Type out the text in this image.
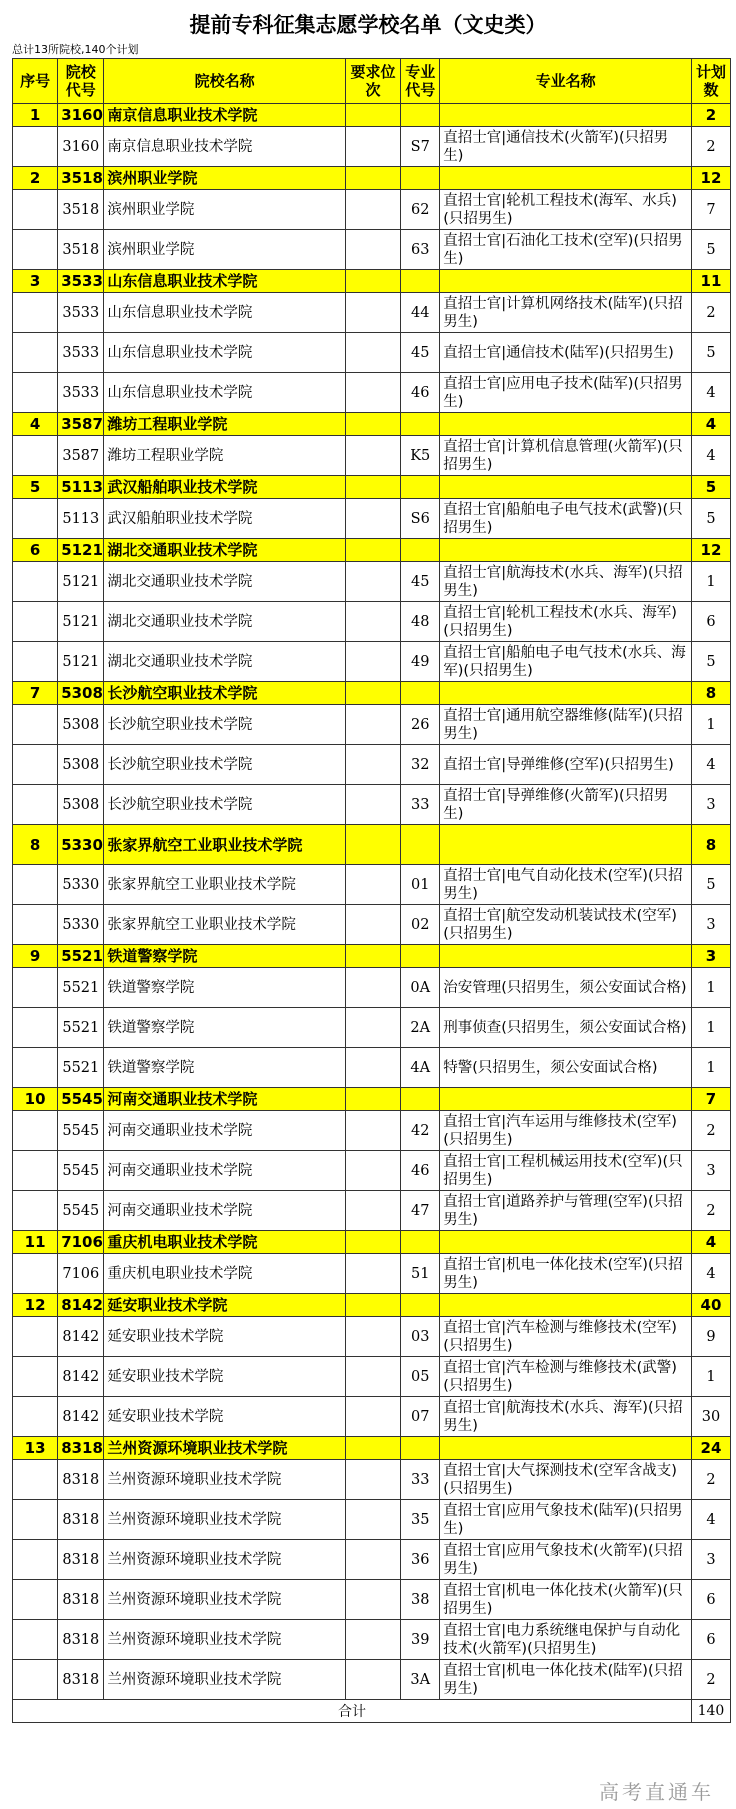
提前专科征集志愿学校名单（文史类）
总计13所院校,140个计划
序号	院校代号	院校名称	要求位次	专业代号	专业名称	计划数
1	3160	南京信息职业技术学院				2
	3160	南京信息职业技术学院		S7	直招士官|通信技术(火箭军)(只招男生)	2
2	3518	滨州职业学院				12
	3518	滨州职业学院		62	直招士官|轮机工程技术(海军、水兵)(只招男生)	7
	3518	滨州职业学院		63	直招士官|石油化工技术(空军)(只招男生)	5
3	3533	山东信息职业技术学院				11
	3533	山东信息职业技术学院		44	直招士官|计算机网络技术(陆军)(只招男生)	2
	3533	山东信息职业技术学院		45	直招士官|通信技术(陆军)(只招男生)	5
	3533	山东信息职业技术学院		46	直招士官|应用电子技术(陆军)(只招男生)	4
4	3587	潍坊工程职业学院				4
	3587	潍坊工程职业学院		K5	直招士官|计算机信息管理(火箭军)(只招男生)	4
5	5113	武汉船舶职业技术学院				5
	5113	武汉船舶职业技术学院		S6	直招士官|船舶电子电气技术(武警)(只招男生)	5
6	5121	湖北交通职业技术学院				12
	5121	湖北交通职业技术学院		45	直招士官|航海技术(水兵、海军)(只招男生)	1
	5121	湖北交通职业技术学院		48	直招士官|轮机工程技术(水兵、海军)(只招男生)	6
	5121	湖北交通职业技术学院		49	直招士官|船舶电子电气技术(水兵、海军)(只招男生)	5
7	5308	长沙航空职业技术学院				8
	5308	长沙航空职业技术学院		26	直招士官|通用航空器维修(陆军)(只招男生)	1
	5308	长沙航空职业技术学院		32	直招士官|导弹维修(空军)(只招男生)	4
	5308	长沙航空职业技术学院		33	直招士官|导弹维修(火箭军)(只招男生)	3
8	5330	张家界航空工业职业技术学院				8
	5330	张家界航空工业职业技术学院		01	直招士官|电气自动化技术(空军)(只招男生)	5
	5330	张家界航空工业职业技术学院		02	直招士官|航空发动机装试技术(空军)(只招男生)	3
9	5521	铁道警察学院				3
	5521	铁道警察学院		0A	治安管理(只招男生，须公安面试合格)	1
	5521	铁道警察学院		2A	刑事侦查(只招男生，须公安面试合格)	1
	5521	铁道警察学院		4A	特警(只招男生，须公安面试合格)	1
10	5545	河南交通职业技术学院				7
	5545	河南交通职业技术学院		42	直招士官|汽车运用与维修技术(空军)(只招男生)	2
	5545	河南交通职业技术学院		46	直招士官|工程机械运用技术(空军)(只招男生)	3
	5545	河南交通职业技术学院		47	直招士官|道路养护与管理(空军)(只招男生)	2
11	7106	重庆机电职业技术学院				4
	7106	重庆机电职业技术学院		51	直招士官|机电一体化技术(空军)(只招男生)	4
12	8142	延安职业技术学院				40
	8142	延安职业技术学院		03	直招士官|汽车检测与维修技术(空军)(只招男生)	9
	8142	延安职业技术学院		05	直招士官|汽车检测与维修技术(武警)(只招男生)	1
	8142	延安职业技术学院		07	直招士官|航海技术(水兵、海军)(只招男生)	30
13	8318	兰州资源环境职业技术学院				24
	8318	兰州资源环境职业技术学院		33	直招士官|大气探测技术(空军含战支)(只招男生)	2
	8318	兰州资源环境职业技术学院		35	直招士官|应用气象技术(陆军)(只招男生)	4
	8318	兰州资源环境职业技术学院		36	直招士官|应用气象技术(火箭军)(只招男生)	3
	8318	兰州资源环境职业技术学院		38	直招士官|机电一体化技术(火箭军)(只招男生)	6
	8318	兰州资源环境职业技术学院		39	直招士官|电力系统继电保护与自动化技术(火箭军)(只招男生)	6
	8318	兰州资源环境职业技术学院		3A	直招士官|机电一体化技术(陆军)(只招男生)	2
合计						140
高考直通车
